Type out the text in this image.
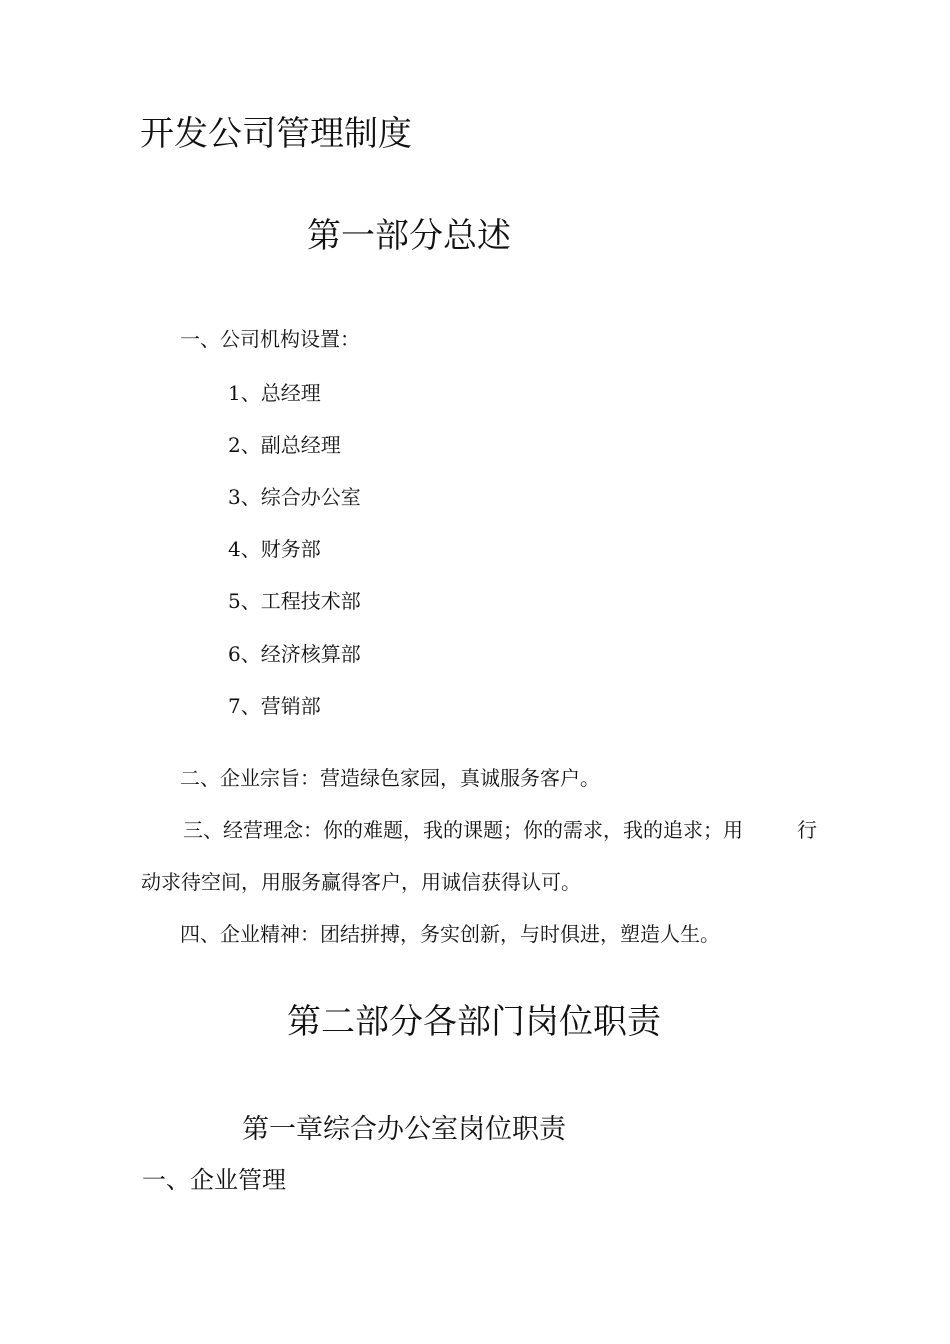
开发公司管理制度
第一部分总述

一、公司机构设置：

1、总经理

2、副总经理

3、综合办公室

4、财务部

5、工程技术部

6、经济核算部

7、营销部

二、企业宗旨：营造绿色家园，真诚服务客户。

三、经营理念：你的难题，我的课题；你的需求，我的追求；用	行

动求待空间，用服务赢得客户，用诚信获得认可。

四、企业精神：团结拼搏，务实创新，与时俱进，塑造人生。

第二部分各部门岗位职责
第一章综合办公室岗位职责

一、企业管理
